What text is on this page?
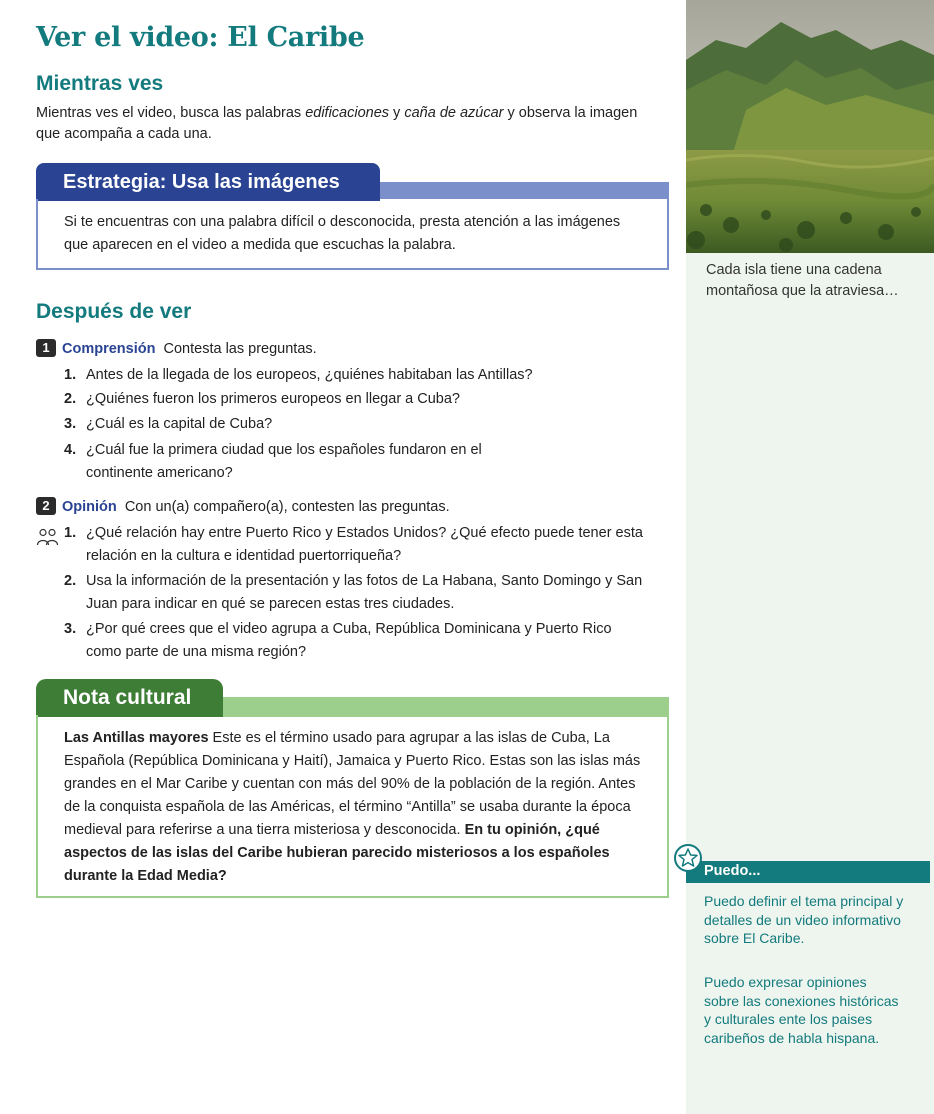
Ver el video: El Caribe
Mientras ves

Mientras ves el video, busca las palabras edificaciones y caña de azúcar y observa la imagen que acompaña a cada una.

Estrategia: Usa las imágenes
Si te encuentras con una palabra difícil o desconocida, presta atención a las imágenes que aparecen en el video a medida que escuchas la palabra.
Después de ver
1 Comprensión Contesta las preguntas.
1. Antes de la llegada de los europeos, ¿quiénes habitaban las Antillas?
2. ¿Quiénes fueron los primeros europeos en llegar a Cuba?
3. ¿Cuál es la capital de Cuba?
4. ¿Cuál fue la primera ciudad que los españoles fundaron en el continente americano?
2 Opinión Con un(a) compañero(a), contesten las preguntas.
1. ¿Qué relación hay entre Puerto Rico y Estados Unidos? ¿Qué efecto puede tener esta relación en la cultura e identidad puertorriqueña?
2. Usa la información de la presentación y las fotos de La Habana, Santo Domingo y San Juan para indicar en qué se parecen estas tres ciudades.
3. ¿Por qué crees que el video agrupa a Cuba, República Dominicana y Puerto Rico como parte de una misma región?
Nota cultural
Las Antillas mayores Este es el término usado para agrupar a las islas de Cuba, La Española (República Dominicana y Haití), Jamaica y Puerto Rico. Estas son las islas más grandes en el Mar Caribe y cuentan con más del 90% de la población de la región. Antes de la conquista española de las Américas, el término “Antilla” se usaba durante la época medieval para referirse a una tierra misteriosa y desconocida. En tu opinión, ¿qué aspectos de las islas del Caribe hubieran parecido misteriosos a los españoles durante la Edad Media?
Cada isla tiene una cadena montañosa que la atraviesa…
Puedo...
Puedo definir el tema principal y detalles de un video informativo sobre El Caribe.
Puedo expresar opiniones sobre las conexiones históricas y culturales ente los paises caribeños de habla hispana.
